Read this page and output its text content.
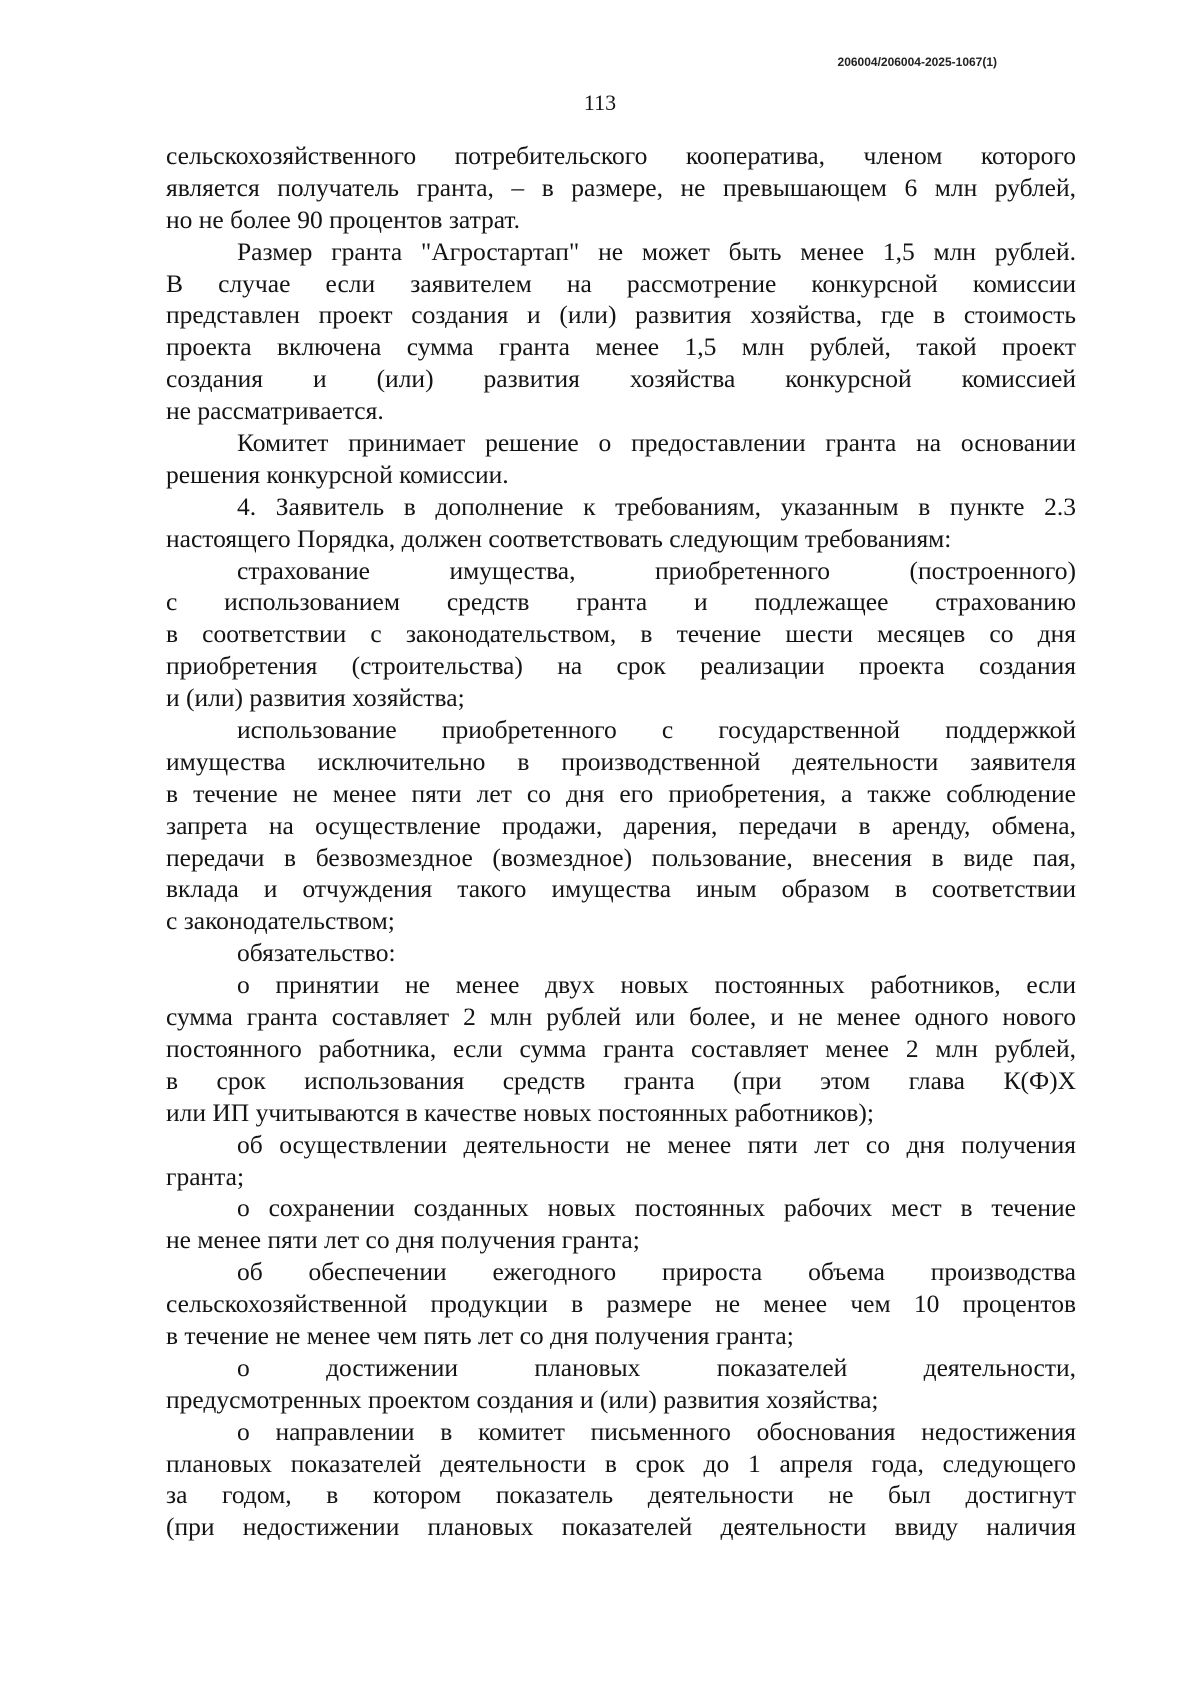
206004/206004-2025-1067(1)
113
сельскохозяйственного потребительского кооператива, членом которого
является получатель гранта, – в размере, не превышающем 6 млн рублей,
но не более 90 процентов затрат.
Размер гранта "Агростартап" не может быть менее 1,5 млн рублей.
В случае если заявителем на рассмотрение конкурсной комиссии
представлен проект создания и (или) развития хозяйства, где в стоимость
проекта включена сумма гранта менее 1,5 млн рублей, такой проект
создания и (или) развития хозяйства конкурсной комиссией
не рассматривается.
Комитет принимает решение о предоставлении гранта на основании
решения конкурсной комиссии.
4. Заявитель в дополнение к требованиям, указанным в пункте 2.3
настоящего Порядка, должен соответствовать следующим требованиям:
страхование имущества, приобретенного (построенного)
с использованием средств гранта и подлежащее страхованию
в соответствии с законодательством, в течение шести месяцев со дня
приобретения (строительства) на срок реализации проекта создания
и (или) развития хозяйства;
использование приобретенного с государственной поддержкой
имущества исключительно в производственной деятельности заявителя
в течение не менее пяти лет со дня его приобретения, а также соблюдение
запрета на осуществление продажи, дарения, передачи в аренду, обмена,
передачи в безвозмездное (возмездное) пользование, внесения в виде пая,
вклада и отчуждения такого имущества иным образом в соответствии
с законодательством;
обязательство:
о принятии не менее двух новых постоянных работников, если
сумма гранта составляет 2 млн рублей или более, и не менее одного нового
постоянного работника, если сумма гранта составляет менее 2 млн рублей,
в срок использования средств гранта (при этом глава К(Ф)Х
или ИП учитываются в качестве новых постоянных работников);
об осуществлении деятельности не менее пяти лет со дня получения
гранта;
о сохранении созданных новых постоянных рабочих мест в течение
не менее пяти лет со дня получения гранта;
об обеспечении ежегодного прироста объема производства
сельскохозяйственной продукции в размере не менее чем 10 процентов
в течение не менее чем пять лет со дня получения гранта;
о достижении плановых показателей деятельности,
предусмотренных проектом создания и (или) развития хозяйства;
о направлении в комитет письменного обоснования недостижения
плановых показателей деятельности в срок до 1 апреля года, следующего
за годом, в котором показатель деятельности не был достигнут
(при недостижении плановых показателей деятельности ввиду наличия
